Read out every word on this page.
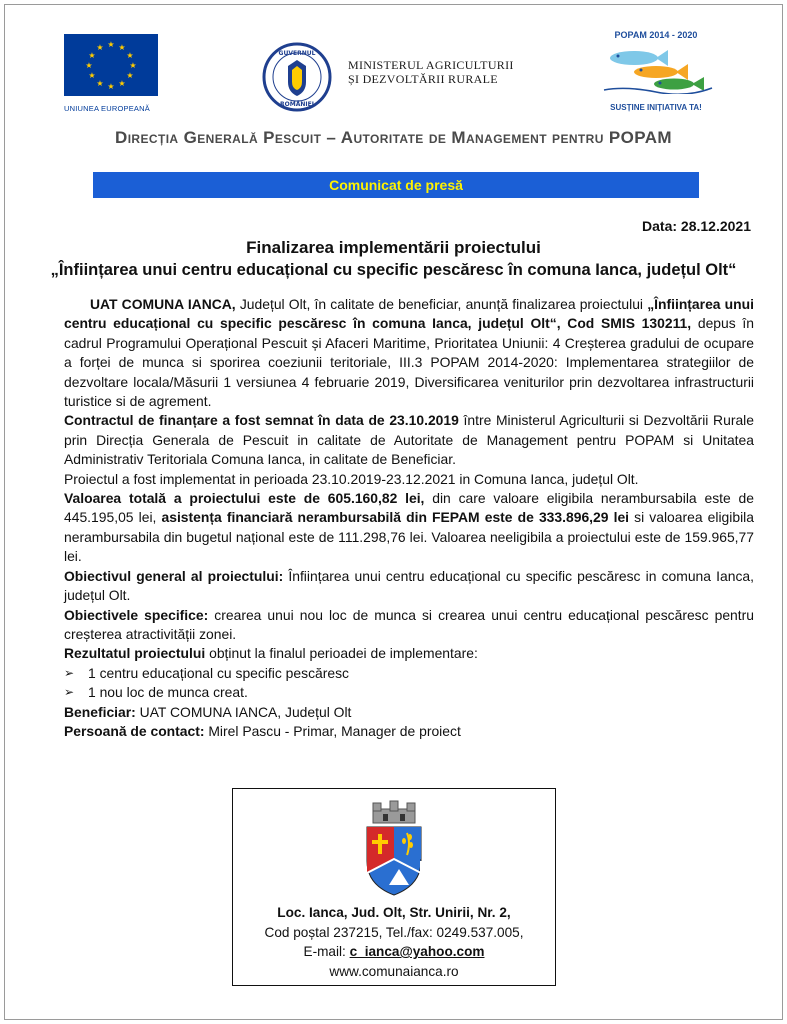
★ ★
★
★
★
★
★
★
★
★
★
★
UNIUNEA EUROPEANĂ
GUVERNUL
ROMÂNIEI
MINISTERUL AGRICULTURII
ȘI DEZVOLTĂRII RURALE
POPAM 2014 - 2020
SUSȚINE INIȚIATIVA TA!
Direcția Generală Pescuit – Autoritate de Management pentru POPAM
Comunicat de presă
Data: 28.12.2021
Finalizarea implementării proiectului
„Înființarea unui centru educațional cu specific pescăresc în comuna Ianca, județul Olt“

UAT COMUNA IANCA, Județul Olt, în calitate de beneficiar, anunță finalizarea proiectului „Înființarea unui centru educațional cu specific pescăresc în comuna Ianca, județul Olt“, Cod SMIS 130211, depus în cadrul Programului Operațional Pescuit și Afaceri Maritime, Prioritatea Uniunii: 4 Creșterea gradului de ocupare a forței de munca si sporirea coeziunii teritoriale, III.3 POPAM 2014-2020: Implementarea strategiilor de dezvoltare locala/Măsurii 1 versiunea 4 februarie 2019, Diversificarea veniturilor prin dezvoltarea infrastructurii turistice si de agrement.

Contractul de finanțare a fost semnat în data de 23.10.2019 între Ministerul Agriculturii si Dezvoltării Rurale prin Direcția Generala de Pescuit in calitate de Autoritate de Management pentru POPAM si Unitatea Administrativ Teritoriala Comuna Ianca, in calitate de Beneficiar.

Proiectul a fost implementat in perioada 23.10.2019-23.12.2021 in Comuna Ianca, județul Olt.

Valoarea totală a proiectului este de 605.160,82 lei, din care valoare eligibila nerambursabila este de 445.195,05 lei, asistența financiară nerambursabilă din FEPAM este de 333.896,29 lei si valoarea eligibila nerambursabila din bugetul național este de 111.298,76 lei. Valoarea neeligibila a proiectului este de 159.965,77 lei.

Obiectivul general al proiectului: Înființarea unui centru educațional cu specific pescăresc in comuna Ianca, județul Olt.

Obiectivele specifice: crearea unui nou loc de munca si crearea unui centru educațional pescăresc pentru creșterea atractivității zonei.

Rezultatul proiectului obținut la finalul perioadei de implementare:

➢	1 centru educațional cu specific pescăresc
➢	1 nou loc de munca creat.

Beneficiar: UAT COMUNA IANCA, Județul Olt

Persoană de contact: Mirel Pascu - Primar, Manager de proiect

Loc. Ianca, Jud. Olt, Str. Unirii, Nr. 2,
Cod poștal 237215, Tel./fax: 0249.537.005,
E-mail: c_ianca@yahoo.com
www.comunaianca.ro
